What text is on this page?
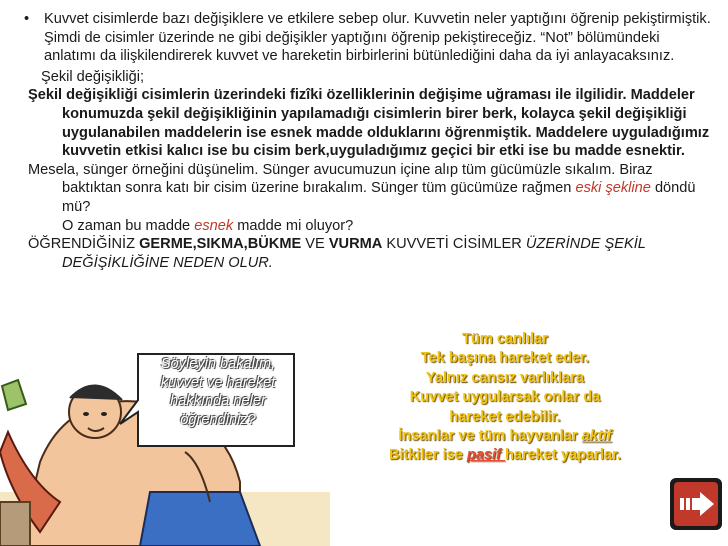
• Kuvvet cisimlerde bazı değişiklere ve etkilere sebep olur. Kuvvetin neler yaptığını öğrenip pekiştirmiştik. Şimdi de cisimler üzerinde ne gibi değişikler yaptığını öğrenip pekiştireceğiz. “Not” bölümündeki anlatımı da ilişkilendirerek kuvvet ve hareketin birbirlerini bütünlediğini daha da iyi anlayacaksınız.
Şekil değişikliği;
Şekil değişikliği cisimlerin üzerindeki fizîki özelliklerinin değişime uğraması ile ilgilidir. Maddeler konumuzda şekil değişikliğinin yapılamadığı cisimlerin birer berk, kolayca şekil değişikliği uygulanabilen maddelerin ise esnek madde olduklarını öğrenmiştik. Maddelere uyguladığımız kuvvetin etkisi kalıcı ise bu cisim berk,uyguladığımız geçici bir etki ise bu madde esnektir.
Mesela, sünger örneğini düşünelim. Sünger avucumuzun içine alıp tüm gücümüzle sıkalım. Biraz baktıktan sonra katı bir cisim üzerine bırakalım. Sünger tüm gücümüze rağmen eski şekline döndü mü?
O zaman bu madde esnek madde mi oluyor?
ÖĞRENDİĞİNİZ GERME,SIKMA,BÜKME VE VURMA KUVVETİ CİSİMLER ÜZERİNDE ŞEKİL DEĞİŞİKLİĞİNE NEDEN OLUR.
Söyleyin bakalım,
kuvvet ve hareket
hakkında neler
öğrendiniz?
Tüm canlılar
Tek başına hareket eder.
Yalnız cansız varlıklara
Kuvvet uygularsak onlar da
hareket edebilir.
İnsanlar ve tüm hayvanlar aktif
Bitkiler ise pasif hareket yaparlar.
